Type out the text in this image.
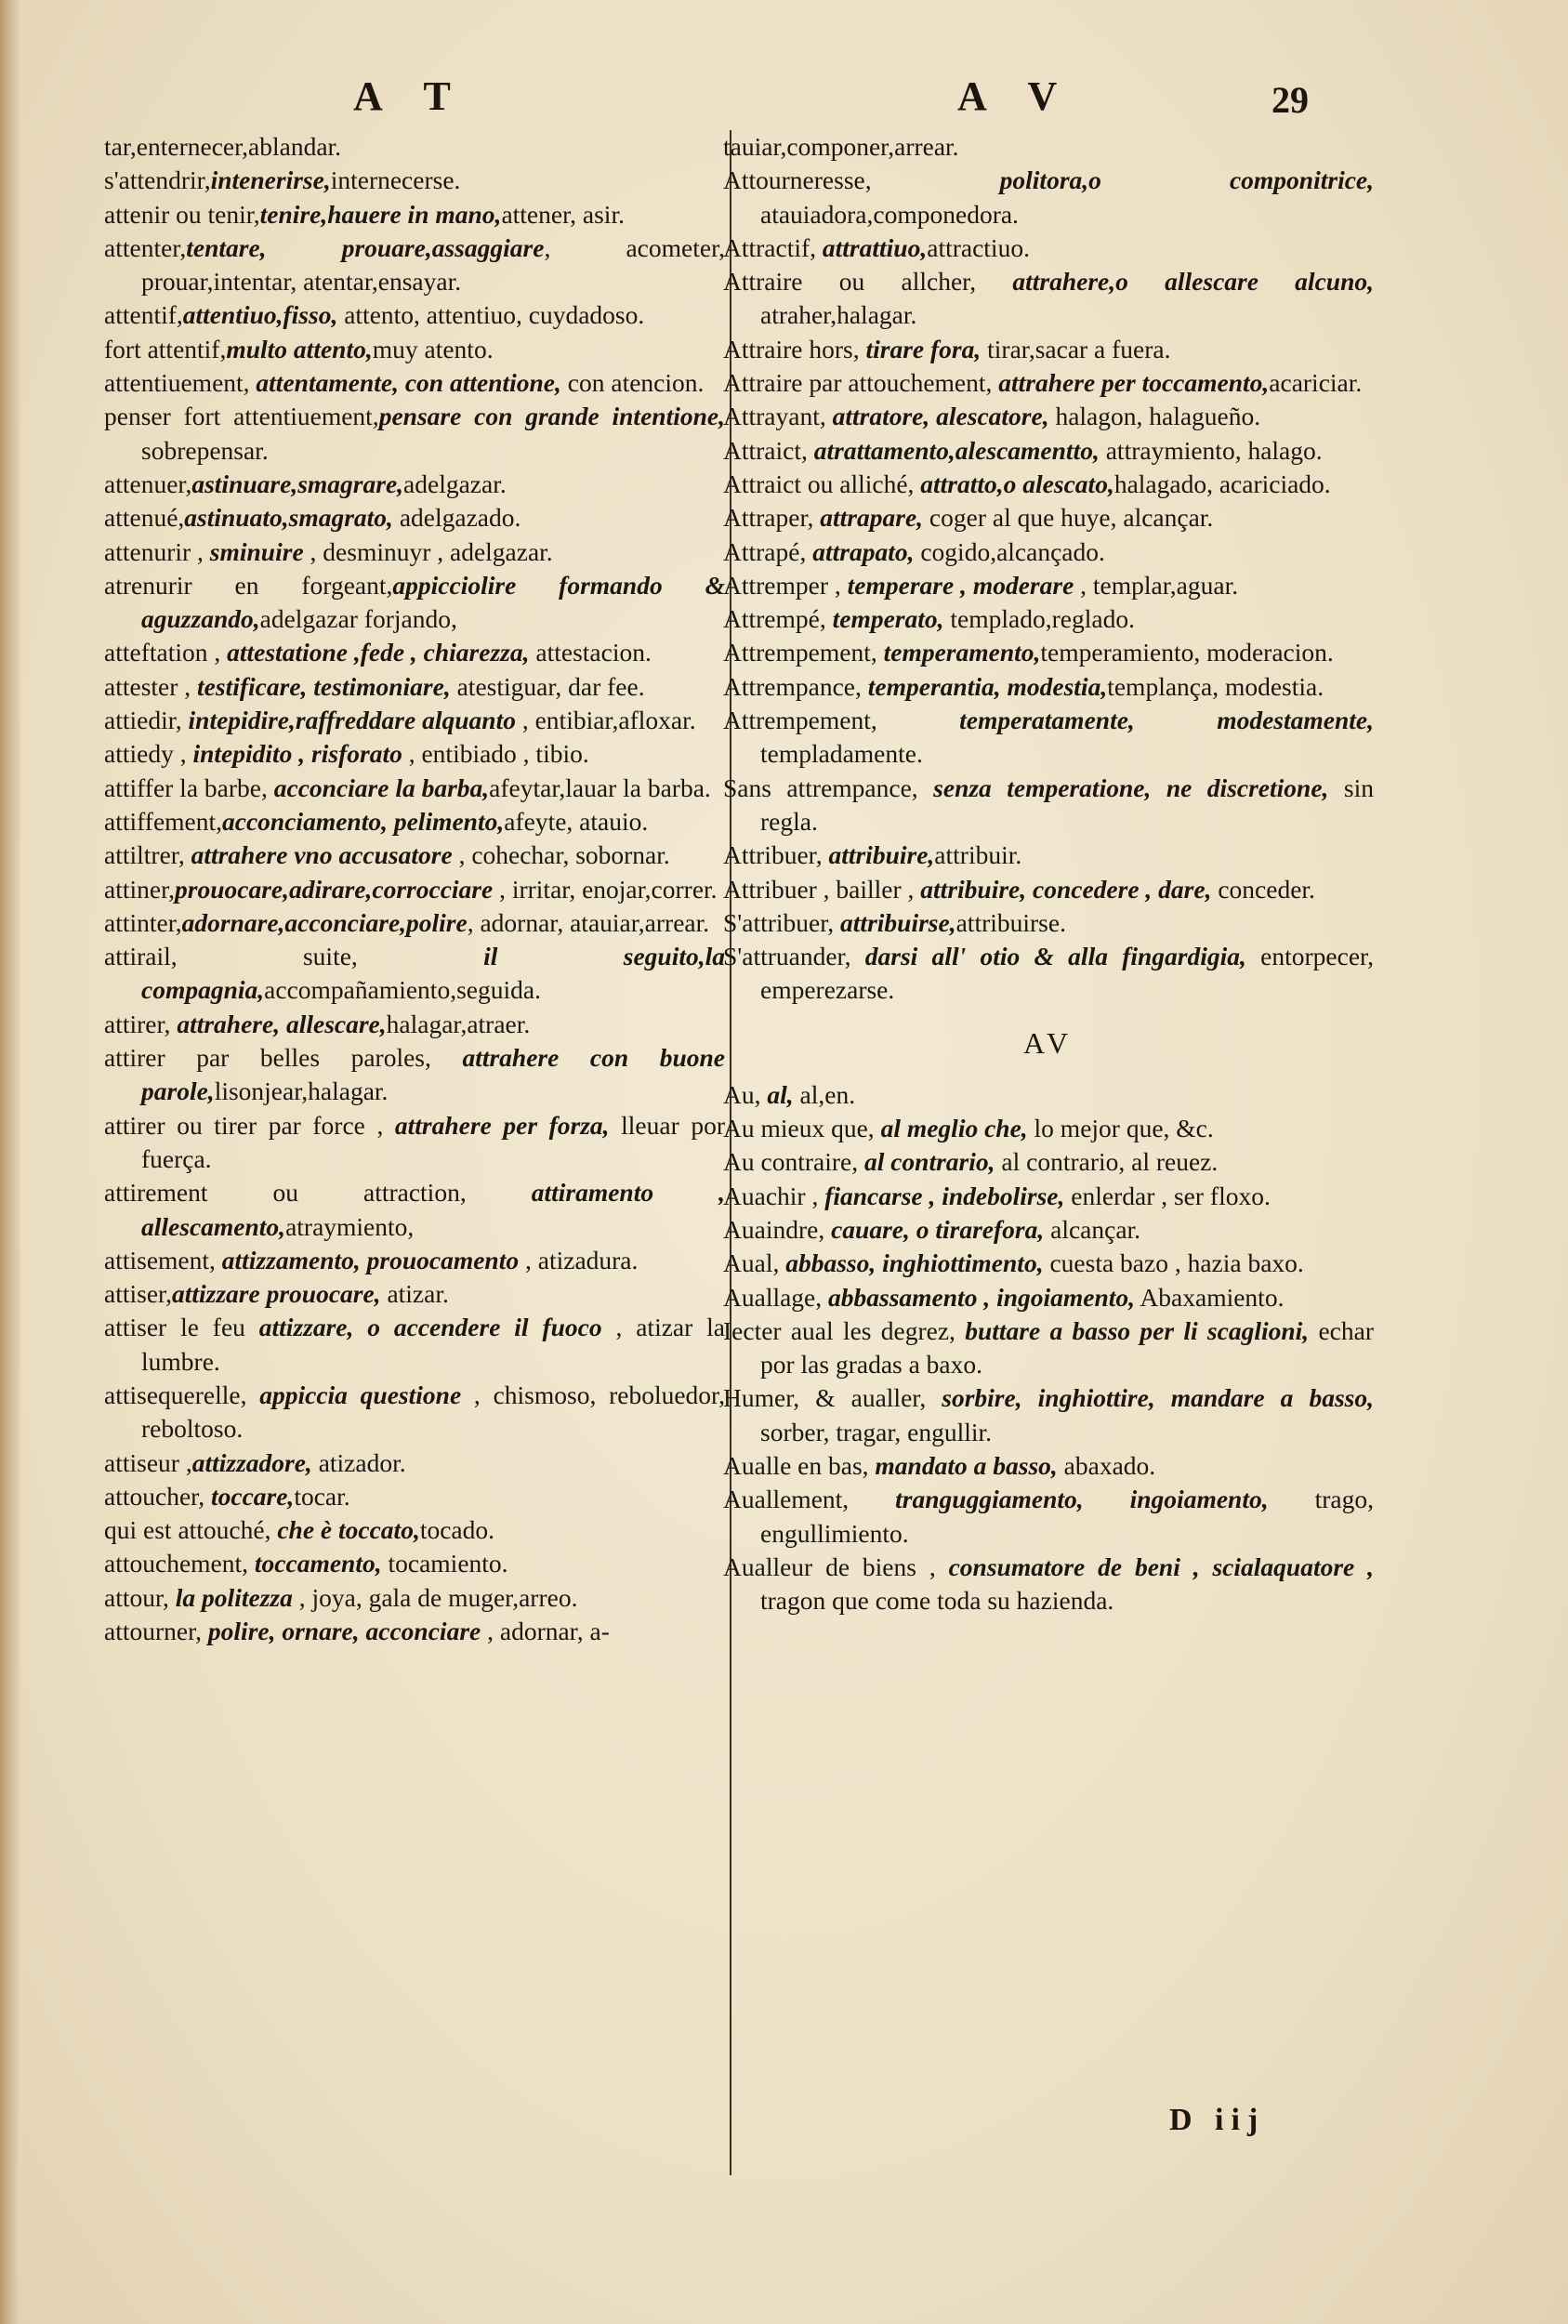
A T	A V	29

tar,enternecer,ablandar.

s'attendrir,intenerirse,internecerse.

attenir ou tenir,tenire,hauere in mano,attener, asir.

attenter,tentare, prouare,assaggiare, acometer, prouar,intentar, atentar,ensayar.

attentif,attentiuo,fisso, attento, attentiuo, cuydadoso.

fort attentif,multo attento,muy atento.

attentiuement, attentamente, con attentione, con atencion.

penser fort attentiuement,pensare con grande intentione, sobrepensar.

attenuer,astinuare,smagrare,adelgazar.

attenué,astinuato,smagrato, adelgazado.

attenurir , sminuire , desminuyr , adelgazar.

atrenurir en forgeant,appicciolire formando & aguzzando,adelgazar forjando,

atteftation , attestatione ,fede , chiarezza, attestacion.

attester , testificare, testimoniare, atestiguar, dar fee.

attiedir, intepidire,raffreddare alquanto , entibiar,afloxar.

attiedy , intepidito , risforato , entibiado , tibio.

attiffer la barbe, acconciare la barba,afeytar,lauar la barba.

attiffement,acconciamento, pelimento,afeyte, atauio.

attiltrer, attrahere vno accusatore , cohechar, sobornar.

attiner,prouocare,adirare,corrocciare , irritar, enojar,correr.

attinter,adornare,acconciare,polire, adornar, atauiar,arrear.

attirail, suite, il seguito,la compagnia,accompañamiento,seguida.

attirer, attrahere, allescare,halagar,atraer.

attirer par belles paroles, attrahere con buone parole,lisonjear,halagar.

attirer ou tirer par force , attrahere per forza, lleuar por fuerça.

attirement ou attraction, attiramento , allescamento,atraymiento,

attisement, attizzamento, prouocamento , atizadura.

attiser,attizzare prouocare, atizar.

attiser le feu attizzare, o accendere il fuoco , atizar la lumbre.

attisequerelle, appiccia questione , chismoso, reboluedor, reboltoso.

attiseur ,attizzadore, atizador.

attoucher, toccare,tocar.

qui est attouché, che è toccato,tocado.

attouchement, toccamento, tocamiento.

attour, la politezza , joya, gala de muger,arreo.

attourner, polire, ornare, acconciare , adornar, a-

tauiar,componer,arrear.

Attourneresse, politora,o componitrice, atauiadora,componedora.

Attractif, attrattiuo,attractiuo.

Attraire ou allcher, attrahere,o allescare alcuno, atraher,halagar.

Attraire hors, tirare fora, tirar,sacar a fuera.

Attraire par attouchement, attrahere per toccamento,acariciar.

Attrayant, attratore, alescatore, halagon, halagueño.

Attraict, atrattamento,alescamentto, attraymiento, halago.

Attraict ou alliché, attratto,o alescato,halagado, acariciado.

Attraper, attrapare, coger al que huye, alcançar.

Attrapé, attrapato, cogido,alcançado.

Attremper , temperare , moderare , templar,aguar.

Attrempé, temperato, templado,reglado.

Attrempement, temperamento,temperamiento, moderacion.

Attrempance, temperantia, modestia,templança, modestia.

Attrempement, temperatamente, modestamente, templadamente.

Sans attrempance, senza temperatione, ne discretione, sin regla.

Attribuer, attribuire,attribuir.

Attribuer , bailler , attribuire, concedere , dare, conceder.

S'attribuer, attribuirse,attribuirse.

S'attruander, darsi all' otio & alla fingardigia, entorpecer, emperezarse.

AV

Au, al, al,en.

Au mieux que, al meglio che, lo mejor que, &c.

Au contraire, al contrario, al contrario, al reuez.

Auachir , fiancarse , indebolirse, enlerdar , ser floxo.

Auaindre, cauare, o tirarefora, alcançar.

Aual, abbasso, inghiottimento, cuesta bazo , hazia baxo.

Auallage, abbassamento , ingoiamento, Abaxamiento.

Iecter aual les degrez, buttare a basso per li scaglioni, echar por las gradas a baxo.

Humer, & aualler, sorbire, inghiottire, mandare a basso, sorber, tragar, engullir.

Aualle en bas, mandato a basso, abaxado.

Auallement, tranguggiamento, ingoiamento, trago, engullimiento.

Aualleur de biens , consumatore de beni , scialaquatore , tragon que come toda su hazienda.

D iij
